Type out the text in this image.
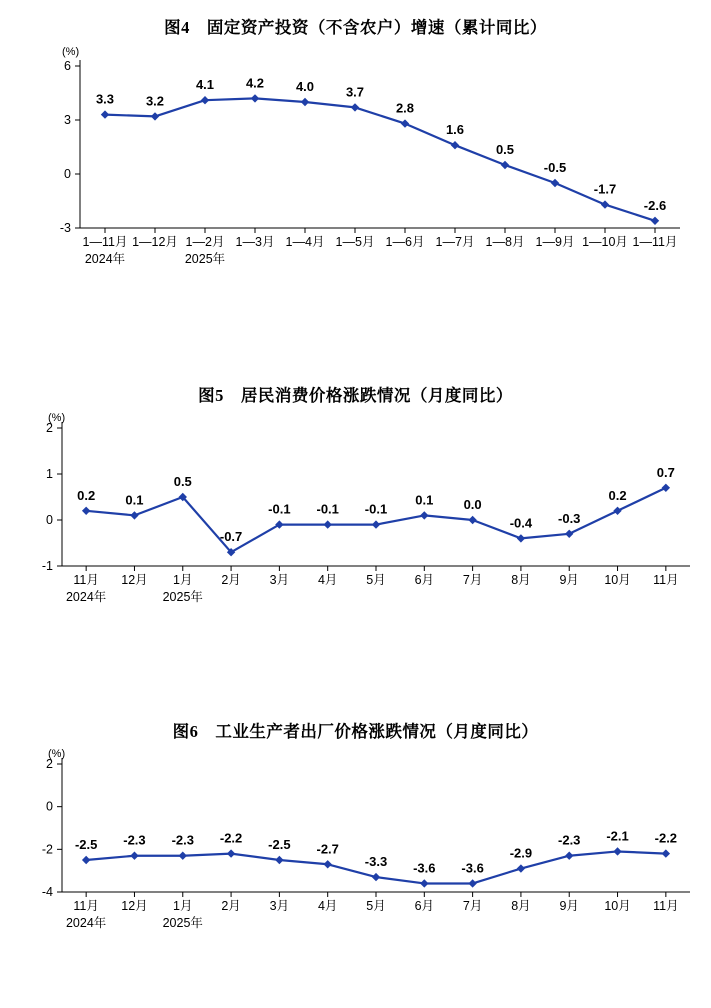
图4　固定资产投资（不含农户）增速（累计同比）
(%)
6
3
0
-3
3.3 3.2
4.1 4.2 4.0 3.7
2.8
1.6
0.5
-0.5
-1.7
-2.6
1—11月
2024年
1—12月 1—2月
2025年
1—3月 1—4月 1—5月 1—6月 1—7月 1—8月 1—9月 1—10月 1—11月
图5　居民消费价格涨跌情况（月度同比）
(%)
2
1
0
-1
0.2 0.1
0.5
-0.7
-0.1 -0.1 -0.1
0.1 0.0
-0.4 -0.3
0.2
0.7
11月
2024年
12月	1月
2025年
2月	3月	4月	5月	6月	7月	8月	9月	10月	11月
图6　工业生产者出厂价格涨跌情况（月度同比）
(%)
2
0
-2
-4
-2.5 -2.3 -2.3 -2.2 -2.5 -2.7
-3.3 -3.6 -3.6
-2.9
-2.3 -2.1 -2.2
11月
2024年
12月	1月
2025年
2月	3月	4月	5月	6月	7月	8月	9月	10月	11月
